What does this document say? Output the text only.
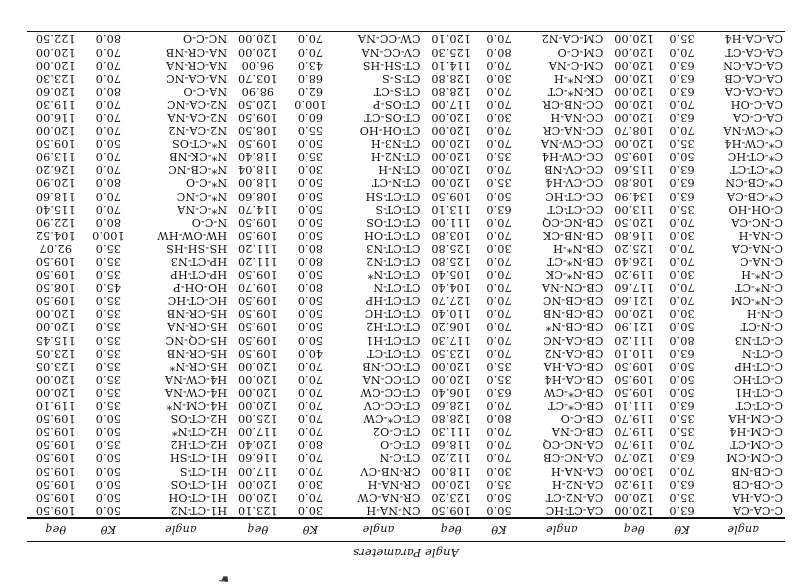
☛
Angle Parameters											
angle	Kθ	θeq	angle	Kθ	θeq	angle	Kθ	θeq	angle	Kθ	θeq
C-CA-CA	63.0	120.00	CA-CT-HC	50.0	109.50	CN-NA-H	30.0	123.10	H1-CT-N2	50.0	109.50
C-CA-HA	35.0	120.00	CA-N2-CT	50.0	123.20	CR-NA-CW	70.0	120.00	H1-CT-OH	50.0	109.50
C-CB-CB	63.0	119.20	CA-N2-H	35.0	120.00	CR-NA-H	30.0	120.00	H1-CT-OS	50.0	109.50
C-CB-NB	70.0	130.00	CA-NA-H	30.0	118.00	CR-NB-CV	70.0	117.00	H1-CT-S	50.0	109.50
C-CM-CM	63.0	120.70	CA-NC-CB	70.0	112.20	CT-C-N	70.0	116.60	H1-CT-SH	50.0	109.50
C-CM-CT	70.0	119.70	CA-NC-CQ	70.0	118.60	CT-C-O	80.0	120.40	H2-CT-H2	35.0	109.50
C-CM-H4	35.0	119.70	CB-C-NA	70.0	111.30	CT-C-O2	70.0	117.00	H2-CT-N*	50.0	109.50
C-CM-HA	35.0	119.70	CB-C-O	80.0	128.80	CT-C*-CW	70.0	125.00	H2-CT-OS	50.0	109.50
C-CT-CT	63.0	111.10	CB-C*-CT	70.0	128.60	CT-CC-CV	70.0	120.00	H4-CM-N*	35.0	119.10
C-CT-H1	50.0	109.50	CB-C*-CW	63.0	106.40	CT-CC-CW	70.0	120.00	H4-CW-NA	35.0	120.00
C-CT-HC	50.0	109.50	CB-CA-H4	35.0	120.00	CT-CC-NA	70.0	120.00	H4-CW-NA	35.0	120.00
C-CT-HP	50.0	109.50	CB-CA-HA	35.0	120.00	CT-CC-NB	70.0	120.00	H5-CR-N*	35.0	123.05
C-CT-N	63.0	110.10	CB-CA-N2	70.0	123.50	CT-CT-CT	40.0	109.50	H5-CR-NB	35.0	123.05
C-CT-N3	80.0	111.20	CB-CA-NC	70.0	117.30	CT-CT-H1	50.0	109.50	H5-CQ-NC	35.0	115.45
C-N-CT	50.0	121.90	CB-CB-N*	70.0	106.20	CT-CT-H2	50.0	109.50	H5-CR-NA	35.0	120.00
C-N-H	30.0	120.00	CB-CB-NB	70.0	110.40	CT-CT-HC	50.0	109.50	H5-CR-NB	35.0	120.00
C-N*-CM	70.0	121.60	CB-CB-NC	70.0	127.70	CT-CT-HP	50.0	109.50	HC-CT-HC	35.0	109.50
C-N*-CT	70.0	117.60	CB-CN-NA	70.0	104.40	CT-CT-N	80.0	109.70	HO-OH-P	45.0	108.50
C-N*-H	30.0	119.20	CB-N*-CK	70.0	105.40	CT-CT-N*	50.0	109.50	HP-CT-HP	35.0	109.50
C-NA-C	70.0	126.40	CB-N*-CT	70.0	125.80	CT-CT-N2	80.0	111.20	HP-CT-N3	35.0	109.50
C-NA-CA	70.0	125.20	CB-N*-H	30.0	125.80	CT-CT-N3	80.0	111.20	HS-SH-HS	35.0	92.07
C-NA-H	30.0	116.80	CB-NB-CK	70.0	103.80	CT-CT-OH	50.0	109.50	HW-OW-HW	100.0	104.52
C-NC-CA	70.0	120.50	CB-NC-CQ	70.0	111.00	CT-CT-OS	50.0	109.50	N-C-O	80.0	122.90
C-OH-HO	35.0	113.00	CC-CT-CT	63.0	113.10	CT-CT-S	50.0	114.70	N*-C-NA	70.0	115.40
C*-CB-CA	63.0	134.90	CC-CT-HC	50.0	109.50	CT-CT-SH	50.0	108.60	N*-C-NC	70.0	118.60
C*-CB-CN	63.0	108.80	CC-CV-H4	35.0	120.00	CT-N-CT	50.0	118.00	N*-C-O	80.0	120.90
C*-CT-CT	63.0	115.60	CC-CV-NB	70.0	120.00	CT-N-H	30.0	118.04	N*-CB-NC	70.0	126.20
C*-CT-HC	50.0	109.50	CC-CW-H4	35.0	120.00	CT-N2-H	35.0	118.40	N*-CK-NB	70.0	113.90
C*-CW-H4	35.0	120.00	CC-CW-NA	70.0	120.00	CT-N3-H	50.0	109.50	N*-CT-OS	50.0	109.50
C*-CW-NA	70.0	108.70	CC-NA-CR	70.0	120.00	CT-OH-HO	55.0	108.50	N2-CA-N2	70.0	120.00
CA-C-CA	63.0	120.00	CC-NA-H	30.0	120.00	CT-OS-CT	60.0	109.50	N2-CA-NA	70.0	116.00
CA-C-OH	70.0	120.00	CC-NB-CR	70.0	117.00	CT-OS-P	100.0	120.50	N2-CA-NC	70.0	119.30
CA-CA-CA	63.0	120.00	CK-N*-CT	70.0	128.80	CT-S-CT	62.0	98.90	NA-C-O	80.0	120.60
CA-CA-CB	63.0	120.00	CK-N*-H	30.0	128.80	CT-S-S	68.0	103.70	NA-CA-NC	70.0	123.30
CA-CA-CN	63.0	120.00	CM-C-NA	70.0	114.10	CT-SH-HS	43.0	96.00	NA-CR-NA	70.0	120.00
CA-CA-CT	70.0	120.00	CM-C-O	80.0	125.30	CV-CC-NA	70.0	120.00	NA-CR-NB	70.0	120.00
CA-CA-H4	35.0	120.00	CM-CA-N2	70.0	120.10	CW-CC-NA	70.0	120.00	NC-C-O	80.0	122.50
